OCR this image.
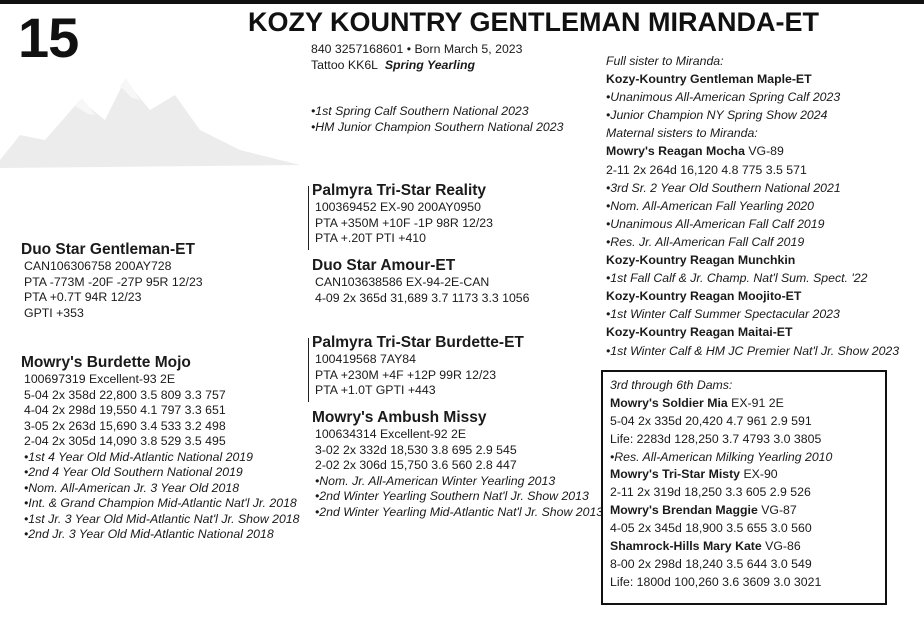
15	KOZY KOUNTRY GENTLEMAN MIRANDA-ET
840 3257168601 • Born March 5, 2023
Tattoo KK6L Spring Yearling

•1st Spring Calf Southern National 2023
•HM Junior Champion Southern National 2023
Duo Star Gentleman-ET
CAN106306758 200AY728
PTA -773M -20F -27P 95R 12/23
PTA +0.7T 94R 12/23
GPTI +353
Palmyra Tri-Star Reality
100369452 EX-90 200AY0950
PTA +350M +10F -1P 98R 12/23
PTA +.20T PTI +410
Duo Star Amour-ET
CAN103638586 EX-94-2E-CAN
4-09 2x 365d 31,689 3.7 1173 3.3 1056
Mowry's Burdette Mojo
100697319 Excellent-93 2E
5-04 2x 358d 22,800 3.5 809 3.3 757
4-04 2x 298d 19,550 4.1 797 3.3 651
3-05 2x 263d 15,690 3.4 533 3.2 498
2-04 2x 305d 14,090 3.8 529 3.5 495
•1st 4 Year Old Mid-Atlantic National 2019
•2nd 4 Year Old Southern National 2019
•Nom. All-American Jr. 3 Year Old 2018
•Int. & Grand Champion Mid-Atlantic Nat'l Jr. 2018
•1st Jr. 3 Year Old Mid-Atlantic Nat'l Jr. Show 2018
•2nd Jr. 3 Year Old Mid-Atlantic National 2018
Palmyra Tri-Star Burdette-ET
100419568 7AY84
PTA +230M +4F +12P 99R 12/23
PTA +1.0T GPTI +443
Mowry's Ambush Missy
100634314 Excellent-92 2E
3-02 2x 332d 18,530 3.8 695 2.9 545
2-02 2x 306d 15,750 3.6 560 2.8 447
•Nom. Jr. All-American Winter Yearling 2013
•2nd Winter Yearling Southern Nat'l Jr. Show 2013
•2nd Winter Yearling Mid-Atlantic Nat'l Jr. Show 2013
Full sister to Miranda:
Kozy-Kountry Gentleman Maple-ET
•Unanimous All-American Spring Calf 2023
•Junior Champion NY Spring Show 2024
Maternal sisters to Miranda:
Mowry's Reagan Mocha VG-89
2-11 2x 264d 16,120 4.8 775 3.5 571
•3rd Sr. 2 Year Old Southern National 2021
•Nom. All-American Fall Yearling 2020
•Unanimous All-American Fall Calf 2019
•Res. Jr. All-American Fall Calf 2019
Kozy-Kountry Reagan Munchkin
•1st Fall Calf & Jr. Champ. Nat'l Sum. Spect. '22
Kozy-Kountry Reagan Moojito-ET
•1st Winter Calf Summer Spectacular 2023
Kozy-Kountry Reagan Maitai-ET
•1st Winter Calf & HM JC Premier Nat'l Jr. Show 2023
3rd through 6th Dams:
Mowry's Soldier Mia EX-91 2E
5-04 2x 335d 20,420 4.7 961 2.9 591
Life: 2283d 128,250 3.7 4793 3.0 3805
•Res. All-American Milking Yearling 2010
Mowry's Tri-Star Misty EX-90
2-11 2x 319d 18,250 3.3 605 2.9 526
Mowry's Brendan Maggie VG-87
4-05 2x 345d 18,900 3.5 655 3.0 560
Shamrock-Hills Mary Kate VG-86
8-00 2x 298d 18,240 3.5 644 3.0 549
Life: 1800d 100,260 3.6 3609 3.0 3021
